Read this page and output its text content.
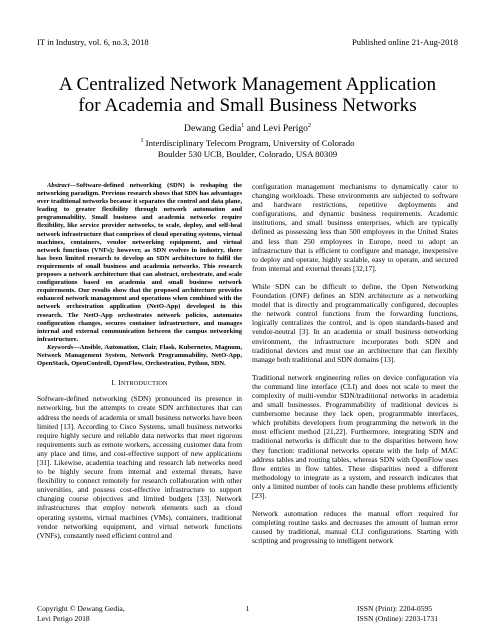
IT in Industry, vol. 6, no.3, 2018	Published online 21-Aug-2018
A Centralized Network Management Application
for Academia and Small Business Networks
Dewang Gedia$^1$ and Levi Perigo$^2$
$^1$ Interdisciplinary Telecom Program, University of Colorado
Boulder 530 UCB, Boulder, Colorado, USA 80309

Abstract—Software-defined networking (SDN) is reshaping the networking paradigm. Previous research shows that SDN has advantages over traditional networks because it separates the control and data plane, leading to greater flexibility through network automation and programmability. Small business and academia networks require flexibility, like service provider networks, to scale, deploy, and self-heal network infrastructure that comprises of cloud operating systems, virtual machines, containers, vendor networking equipment, and virtual network functions (VNFs); however, as SDN evolves in industry, there has been limited research to develop an SDN architecture to fulfil the requirements of small business and academia networks. This research proposes a network architecture that can abstract, orchestrate, and scale configurations based on academia and small business network requirements. Our results show that the proposed architecture provides enhanced network management and operations when combined with the network orchestration application (NetO-App) developed in this research. The NetO-App orchestrates network policies, automates configuration changes, secures container infrastructure, and manages internal and external communication between the campus networking infrastructure.

Keywords—Ansible, Automation, Clair, Flask, Kubernetes, Magnum, Network Management System, Network Programmability, NetO-App, OpenStack, OpenControll, OpenFlow, Orchestration, Python, SDN.

I. INTRODUCTION

Software-defined networking (SDN) pronounced its presence in networking, but the attempts to create SDN architectures that can address the needs of academia or small business networks have been limited [13]. According to Cisco Systems, small business networks require highly secure and reliable data networks that meet rigorous requirements such as remote workers, accessing customer data from any place and time, and cost-effective support of new applications [31]. Likewise, academia teaching and research lab networks need to be highly secure from internal and external threats, have flexibility to connect remotely for research collaboration with other universities, and possess cost-effective infrastructure to support changing course objectives and limited budgets [33]. Network infrastructures that employ network elements such as cloud operating systems, virtual machines (VMs), containers, traditional vendor networking equipment, and virtual network functions (VNFs), constantly need efficient control and

configuration management mechanisms to dynamically cater to changing workloads. These environments are subjected to software and hardware restrictions, repetitive deployments and configurations, and dynamic business requirements. Academic institutions, and small business enterprises, which are typically defined as possessing less than 500 employees in the United States and less than 250 employees in Europe, need to adopt an infrastructure that is efficient to configure and manage, inexpensive to deploy and operate, highly scalable, easy to operate, and secured from internal and external threats [32,17].

While SDN can be difficult to define, the Open Networking Foundation (ONF) defines an SDN architecture as a networking model that is directly and programmatically configured, decouples the network control functions from the forwarding functions, logically centralizes the control, and is open standards-based and vendor-neutral [3]. In an academia or small business networking environment, the infrastructure incorporates both SDN and traditional devices and must use an architecture that can flexibly manage both traditional and SDN domains [13].

Traditional network engineering relies on device configuration via the command line interface (CLI) and does not scale to meet the complexity of multi-vendor SDN/traditional networks in academia and small businesses. Programmability of traditional devices is cumbersome because they lack open, programmable interfaces, which prohibits developers from programming the network in the most efficient method [21,22]. Furthermore, integrating SDN and traditional networks is difficult due to the disparities between how they function: traditional networks operate with the help of MAC address tables and routing tables, whereas SDN with OpenFlow uses flow entries in flow tables. These disparities need a different methodology to integrate as a system, and research indicates that only a limited number of tools can handle these problems efficiently [23].

Network automation reduces the manual effort required for completing routine tasks and decreases the amount of human error caused by traditional, manual CLI configurations. Starting with scripting and progressing to intelligent network

Copyright © Dewang Gedia,
Levi Perigo 2018
1	ISSN (Print): 2204-0595
ISSN (Online): 2203-1731
